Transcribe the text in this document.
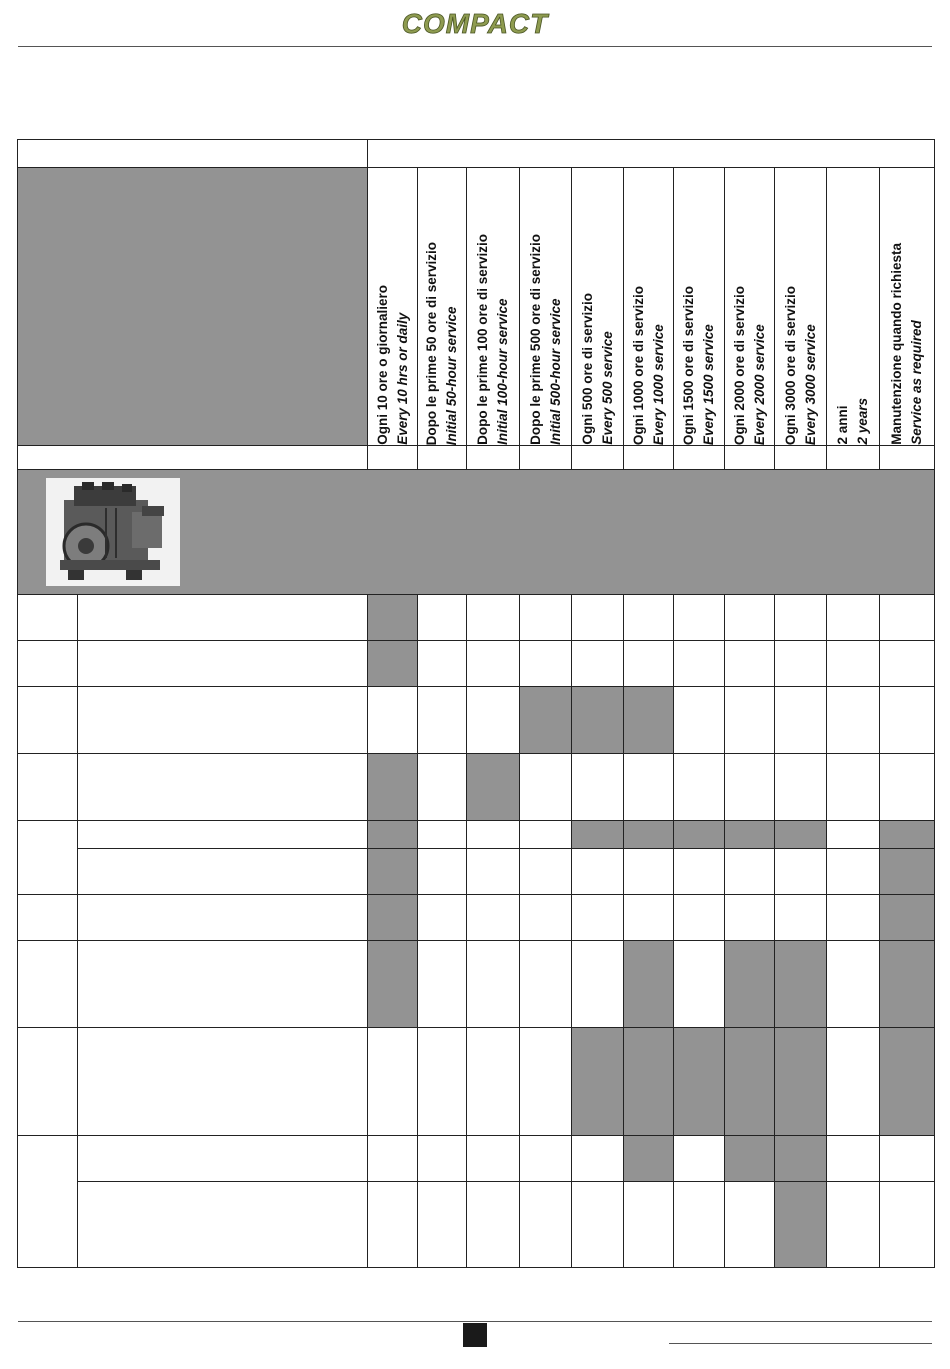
COMPACT

		Ogni 10 ore o giornaliero Every 10 hrs or daily	Dopo le prime 50 ore di servizio Initial 50-hour service	Dopo le prime 100 ore di servizio Initial 100-hour service	Dopo le prime 500 ore di servizio Initial 500-hour service	Ogni 500 ore di servizio Every 500 service	Ogni 1000 ore di servizio Every 1000 service	Ogni 1500 ore di servizio Every 1500 service	Ogni 2000 ore di servizio Every 2000 service	Ogni 3000 ore di servizio Every 3000 service	2 anni 2 years	Manutenzione quando richiesta Service as required
